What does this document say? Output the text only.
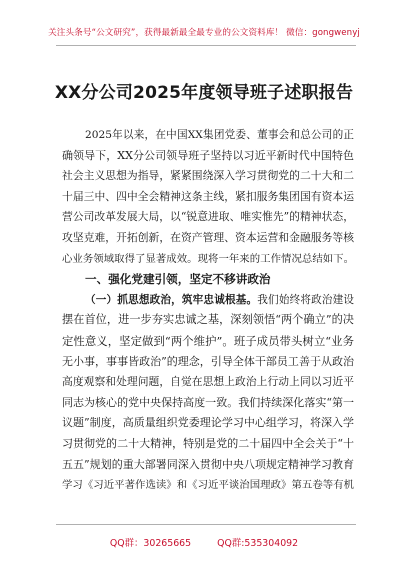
关注头条号“公文研究”，获得最新最全最专业的公文资料库！ 微信：gongwenyj
XX分公司2025年度领导班子述职报告
2025年以来，在中国XX集团党委、董事会和总公司的正
确领导下，XX分公司领导班子坚持以习近平新时代中国特色
社会主义思想为指导，紧紧围绕深入学习贯彻党的二十大和二
十届三中、四中全会精神这条主线，紧扣服务集团国有资本运
营公司改革发展大局，以“锐意进取、唯实惟先”的精神状态，
攻坚克难，开拓创新，在资产管理、资本运营和金融服务等核
心业务领域取得了显著成效。现将一年来的工作情况总结如下。
一、强化党建引领，坚定不移讲政治
（一）抓思想政治，筑牢忠诚根基。我们始终将政治建设
摆在首位，进一步夯实忠诚之基，深刻领悟“两个确立”的决
定性意义，坚定做到“两个维护”。班子成员带头树立“业务
无小事，事事皆政治”的理念，引导全体干部员工善于从政治
高度观察和处理问题，自觉在思想上政治上行动上同以习近平
同志为核心的党中央保持高度一致。我们持续深化落实“第一
议题”制度，高质量组织党委理论学习中心组学习，将深入学
习贯彻党的二十大精神，特别是党的二十届四中全会关于“十
五五”规划的重大部署同深入贯彻中央八项规定精神学习教育
学习《习近平著作选读》和《习近平谈治国理政》第五卷等有机
QQ群：30265665	QQ群:535304092
